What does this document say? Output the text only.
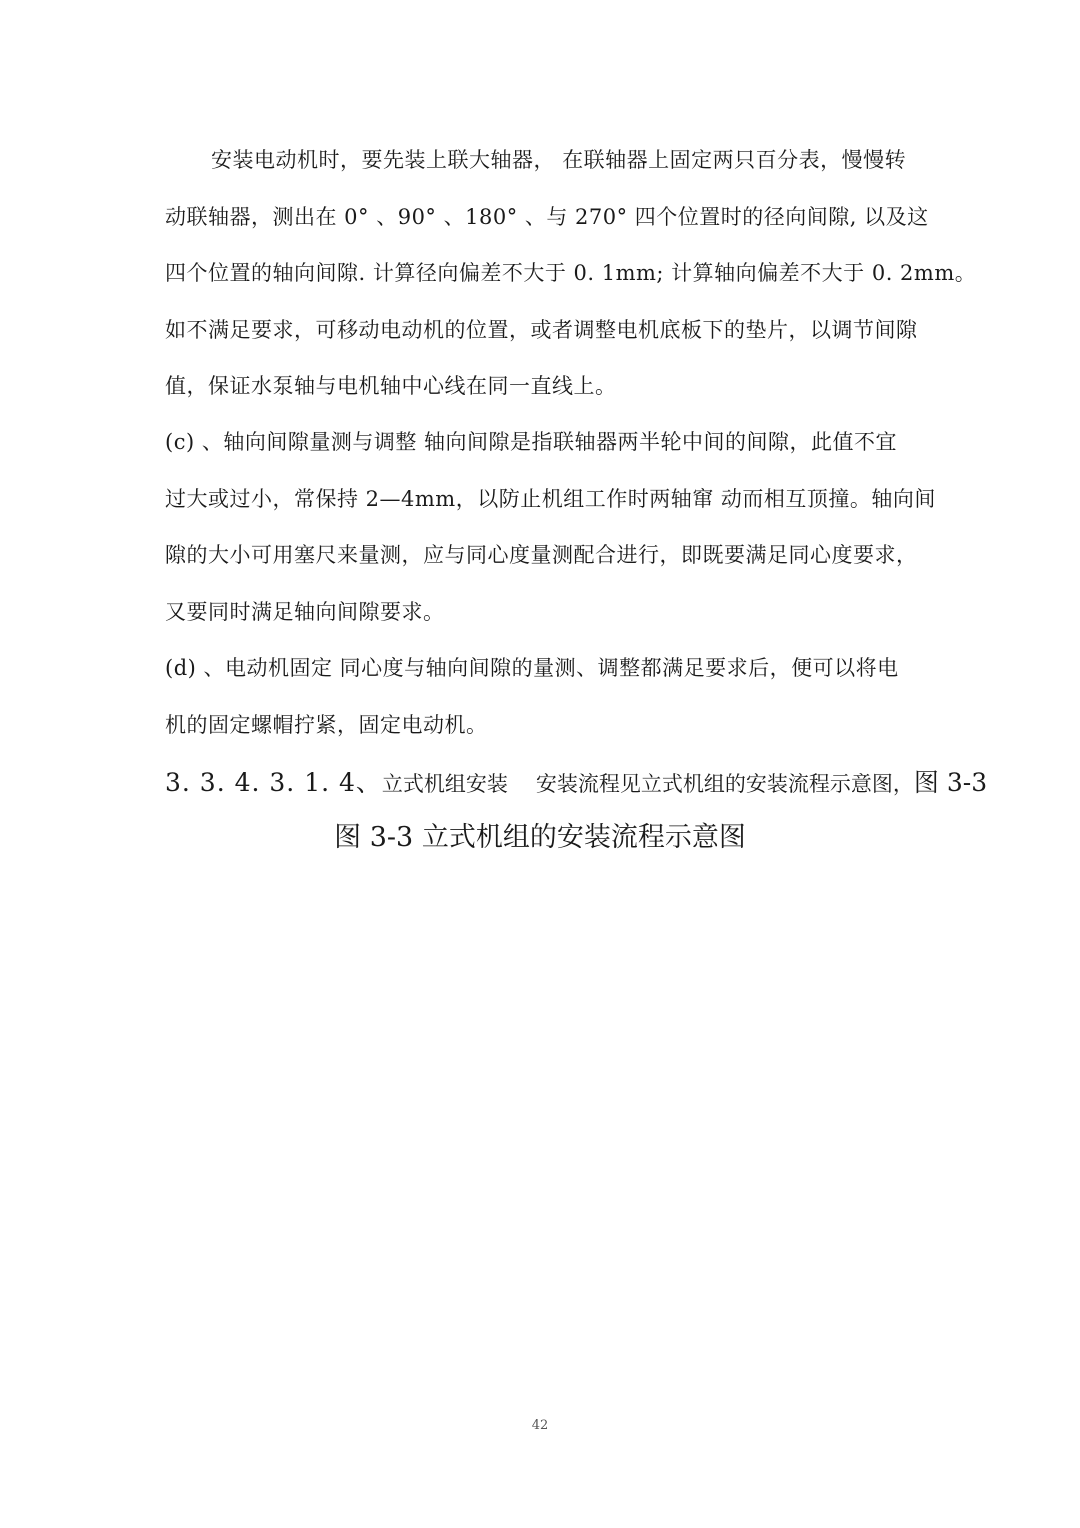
安装电动机时，要先装上联大轴器， 在联轴器上固定两只百分表，慢慢转
动联轴器，测出在 0° 、90° 、180° 、与 270° 四个位置时的径向间隙, 以及这
四个位置的轴向间隙. 计算径向偏差不大于 0. 1mm; 计算轴向偏差不大于 0. 2mm。
如不满足要求，可移动电动机的位置，或者调整电机底板下的垫片，以调节间隙
值，保证水泵轴与电机轴中心线在同一直线上。
(c) 、轴向间隙量测与调整 轴向间隙是指联轴器两半轮中间的间隙，此值不宜
过大或过小，常保持 2—4mm，以防止机组工作时两轴窜 动而相互顶撞。轴向间
隙的大小可用塞尺来量测，应与同心度量测配合进行，即既要满足同心度要求，
又要同时满足轴向间隙要求。
(d) 、电动机固定 同心度与轴向间隙的量测、调整都满足要求后，便可以将电
机的固定螺帽拧紧，固定电动机。
3. 3. 4. 3. 1. 4、立式机组安装 安装流程见立式机组的安装流程示意图，图 3-3
图 3-3 立式机组的安装流程示意图
42
